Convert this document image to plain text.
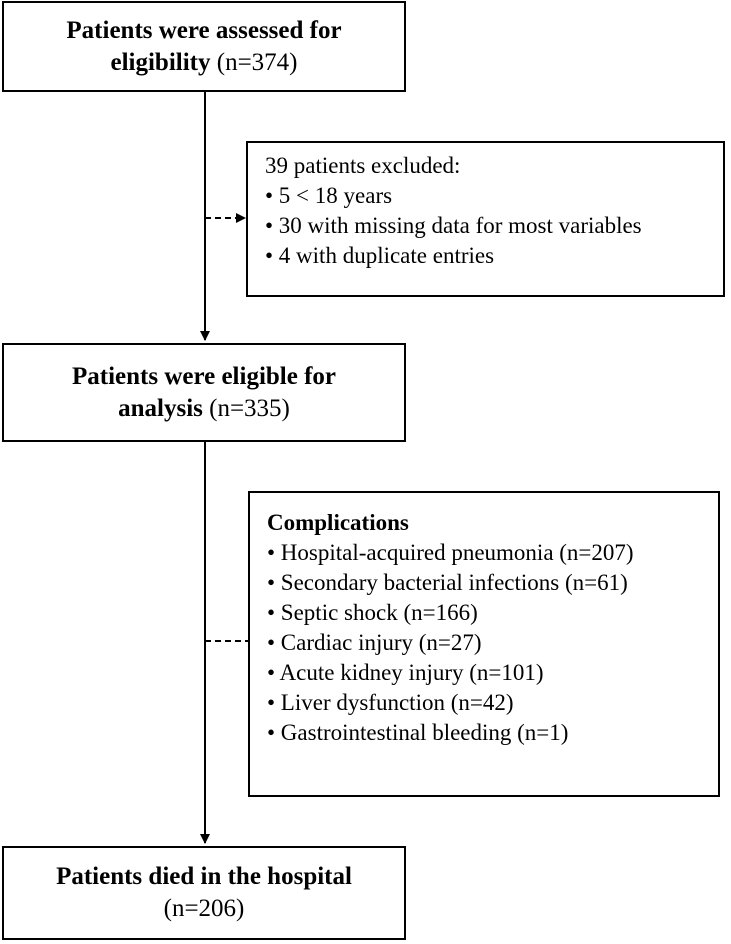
Patients were assessed for
eligibility (n=374)
39 patients excluded:
• 5 < 18 years
• 30 with missing data for most variables
• 4 with duplicate entries
Patients were eligible for
analysis (n=335)
Complications
• Hospital-acquired pneumonia (n=207)
• Secondary bacterial infections (n=61)
• Septic shock (n=166)
• Cardiac injury (n=27)
• Acute kidney injury (n=101)
• Liver dysfunction (n=42)
• Gastrointestinal bleeding (n=1)
Patients died in the hospital
(n=206)
